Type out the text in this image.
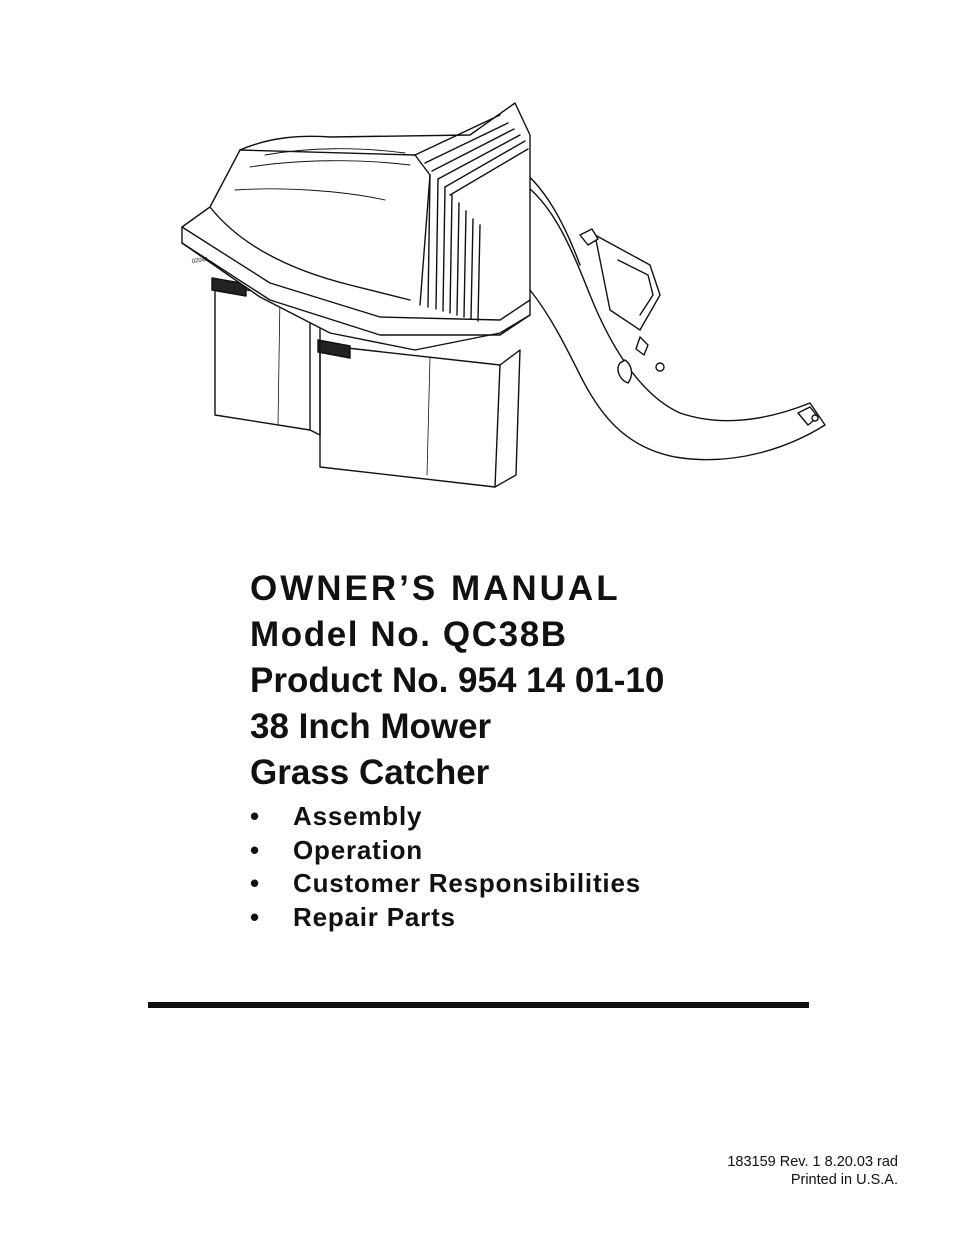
02041

OWNER’S MANUAL

Model No. QC38B

Product No. 954 14 01-10

38 Inch Mower

Grass Catcher

•	Assembly
•	Operation
•	Customer Responsibilities
•	Repair Parts
183159 Rev. 1 8.20.03 rad
Printed in U.S.A.
